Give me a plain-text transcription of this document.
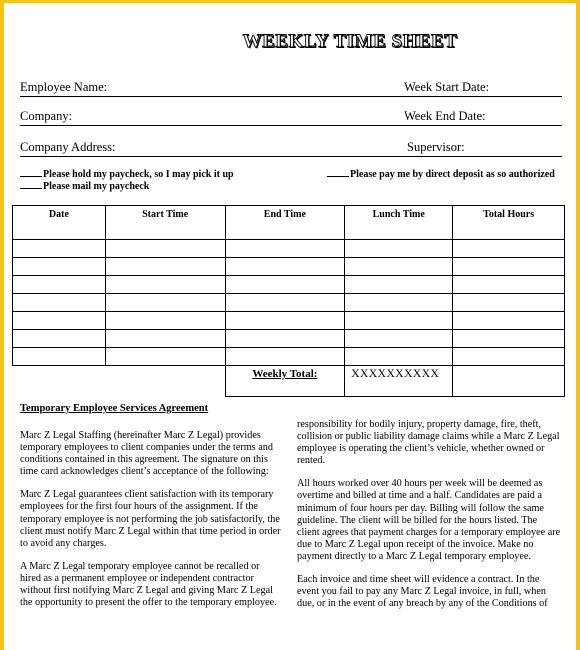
WEEKLY TIME SHEET
Employee Name:	Week Start Date:
Company:	Week End Date:
Company Address:	Supervisor:
Please hold my paycheck, so I may pick it up
Please mail my paycheck
Please pay me by direct deposit as so authorized
Date	Start Time	End Time	Lunch Time	Total Hours

		Weekly Total:	XXXXXXXXXX	
Temporary Employee Services Agreement

Marc Z Legal Staffing (hereinafter Marc Z Legal) provides temporary employees to client companies under the terms and conditions contained in this agreement. The signature on this time card acknowledges client’s acceptance of the following:

Marc Z Legal guarantees client satisfaction with its temporary employees for the first four hours of the assignment. If the temporary employee is not performing the job satisfactorily, the client must notify Marc Z Legal within that time period in order to avoid any charges.

A Marc Z Legal temporary employee cannot be recalled or hired as a permanent employee or independent contractor without first notifying Marc Z Legal and giving Marc Z Legal the opportunity to present the offer to the temporary employee.

responsibility for bodily injury, property damage, fire, theft, collision or public liability damage claims while a Marc Z Legal employee is operating the client’s vehicle, whether owned or rented.

All hours worked over 40 hours per week will be deemed as overtime and billed at time and a half. Candidates are paid a minimum of four hours per day. Billing will follow the same guideline. The client will be billed for the hours listed. The client agrees that payment charges for a temporary employee are due to Marc Z Legal upon receipt of the invoice. Make no payment directly to a Marc Z Legal temporary employee.

Each invoice and time sheet will evidence a contract. In the event you fail to pay any Marc Z Legal invoice, in full, when due, or in the event of any breach by any of the Conditions of
